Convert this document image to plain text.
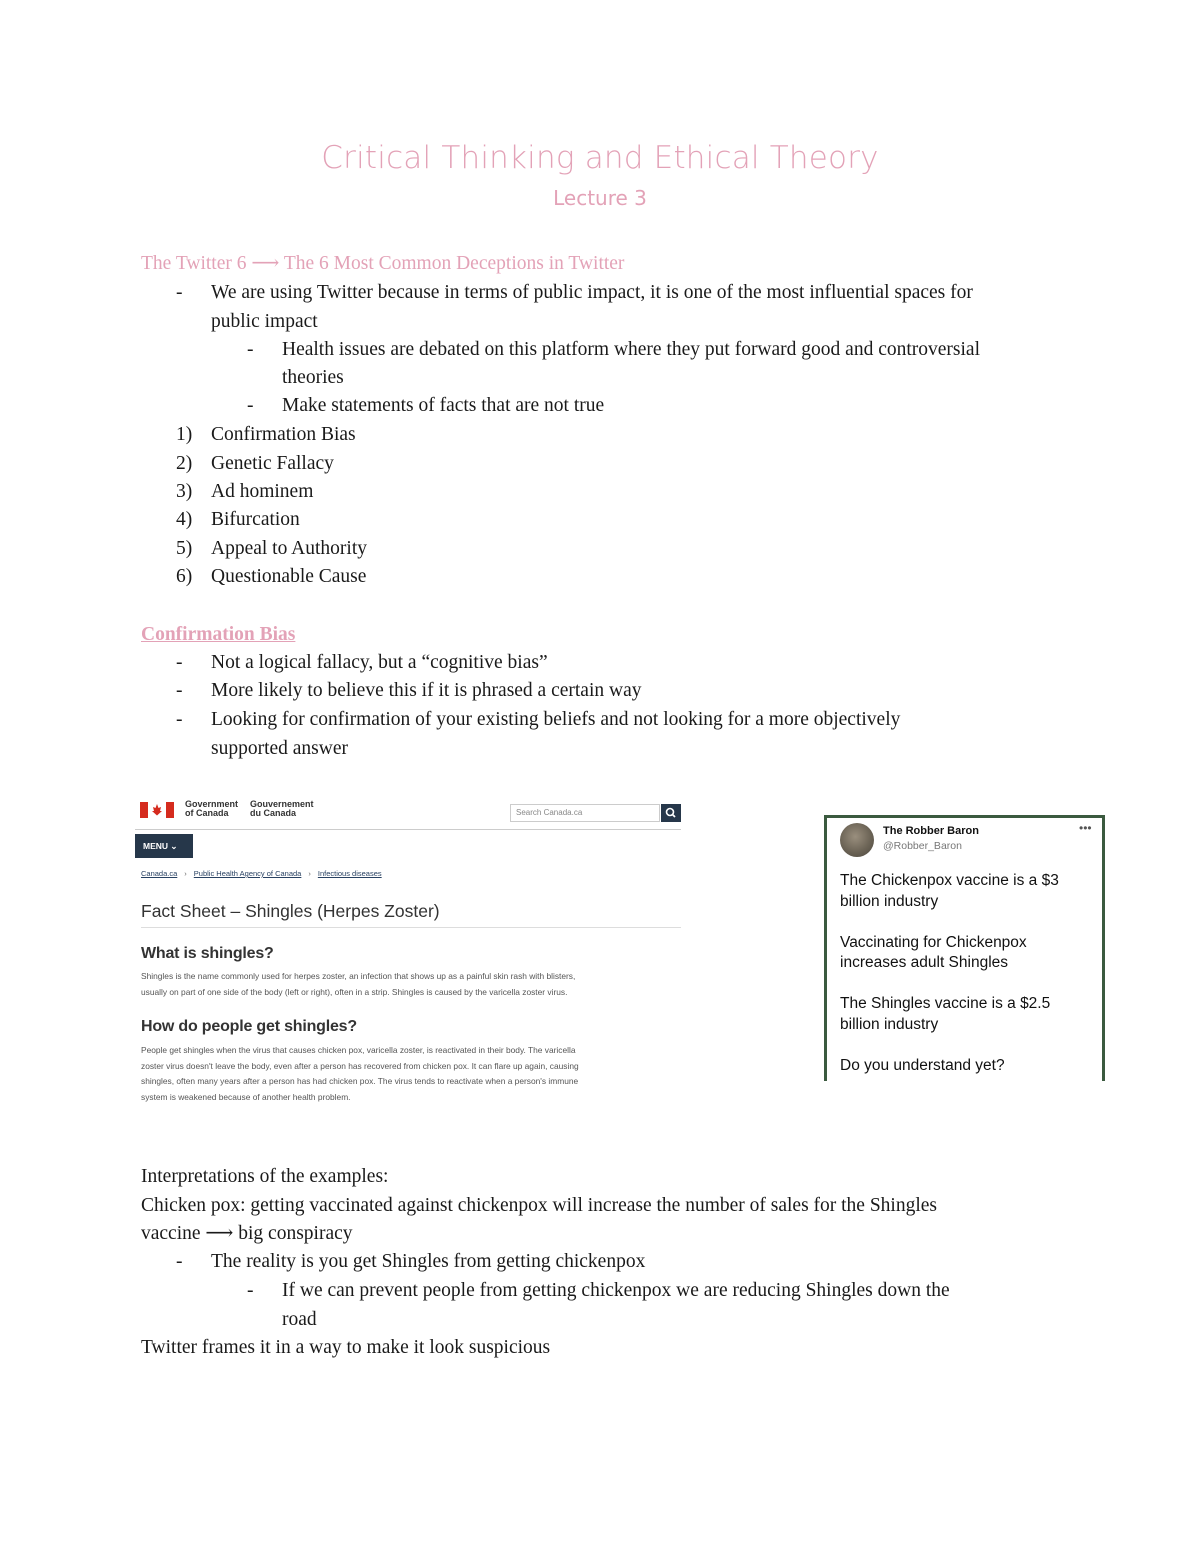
Critical Thinking and Ethical Theory
Lecture 3
The Twitter 6 ⟶ The 6 Most Common Deceptions in Twitter
- We are using Twitter because in terms of public impact, it is one of the most influential spaces for
public impact
- Health issues are debated on this platform where they put forward good and controversial
theories
- Make statements of facts that are not true
1) Confirmation Bias
2) Genetic Fallacy
3) Ad hominem
4) Bifurcation
5) Appeal to Authority
6) Questionable Cause
Confirmation Bias
- Not a logical fallacy, but a “cognitive bias”
- More likely to believe this if it is phrased a certain way
- Looking for confirmation of your existing beliefs and not looking for a more objectively
supported answer
Government
of Canada
Gouvernement
du Canada	Search Canada.ca
MENU ⌄
Canada.ca › Public Health Agency of Canada › Infectious diseases
Fact Sheet – Shingles (Herpes Zoster)
What is shingles?
Shingles is the name commonly used for herpes zoster, an infection that shows up as a painful skin rash with blisters,
usually on part of one side of the body (left or right), often in a strip. Shingles is caused by the varicella zoster virus.
How do people get shingles?
People get shingles when the virus that causes chicken pox, varicella zoster, is reactivated in their body. The varicella
zoster virus doesn't leave the body, even after a person has recovered from chicken pox. It can flare up again, causing
shingles, often many years after a person has had chicken pox. The virus tends to reactivate when a person's immune
system is weakened because of another health problem.
The Robber Baron
@Robber_Baron
•••
The Chickenpox vaccine is a $3
billion industry
Vaccinating for Chickenpox
increases adult Shingles
The Shingles vaccine is a $2.5
billion industry
Do you understand yet?
Interpretations of the examples:
Chicken pox: getting vaccinated against chickenpox will increase the number of sales for the Shingles
vaccine ⟶ big conspiracy
- The reality is you get Shingles from getting chickenpox
- If we can prevent people from getting chickenpox we are reducing Shingles down the
road
Twitter frames it in a way to make it look suspicious
